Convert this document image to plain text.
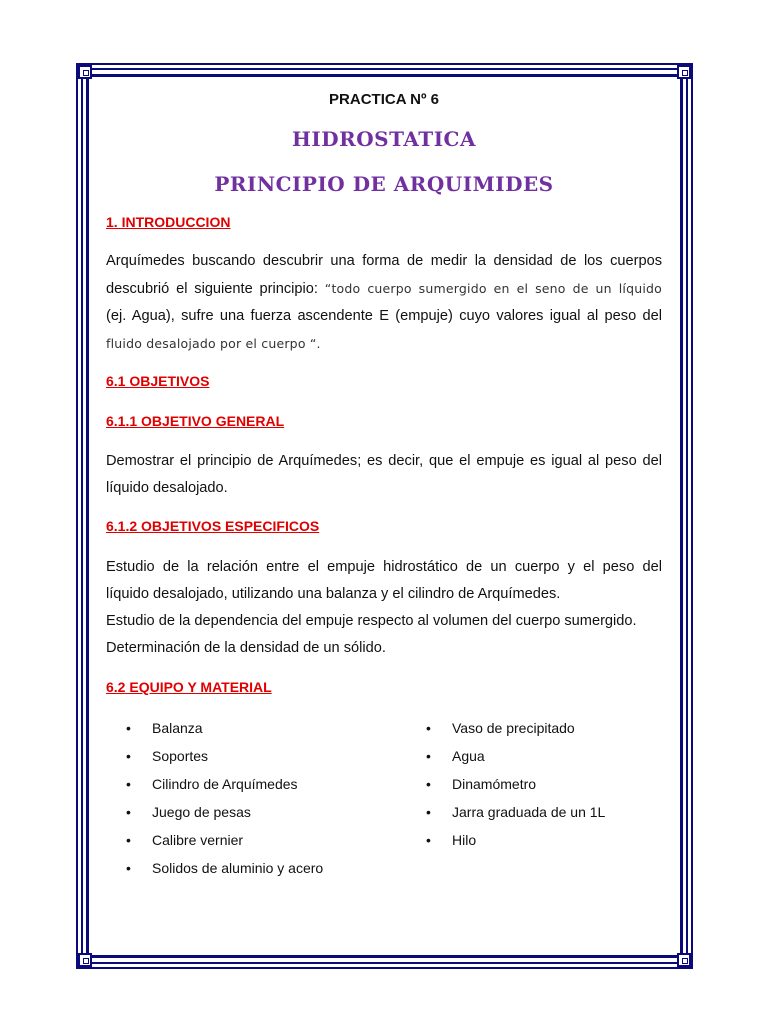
PRACTICA Nº 6
HIDROSTATICA
PRINCIPIO DE ARQUIMIDES
1. INTRODUCCION
Arquímedes buscando descubrir una forma de medir la densidad de los cuerpos
descubrió el siguiente principio: “todo cuerpo sumergido en el seno de un líquido
(ej. Agua), sufre una fuerza ascendente E (empuje) cuyo valores igual al peso del
fluido desalojado por el cuerpo “.
6.1 OBJETIVOS
6.1.1 OBJETIVO GENERAL
Demostrar el principio de Arquímedes; es decir, que el empuje es igual al peso del
líquido desalojado.
6.1.2 OBJETIVOS ESPECIFICOS
Estudio de la relación entre el empuje hidrostático de un cuerpo y el peso del
líquido desalojado, utilizando una balanza y el cilindro de Arquímedes.
Estudio de la dependencia del empuje respecto al volumen del cuerpo sumergido.
Determinación de la densidad de un sólido.
6.2 EQUIPO Y MATERIAL
• Balanza
• Soportes
• Cilindro de Arquímedes
• Juego de pesas
• Calibre vernier
• Solidos de aluminio y acero
• Vaso de precipitado
• Agua
• Dinamómetro
• Jarra graduada de un 1L
• Hilo
